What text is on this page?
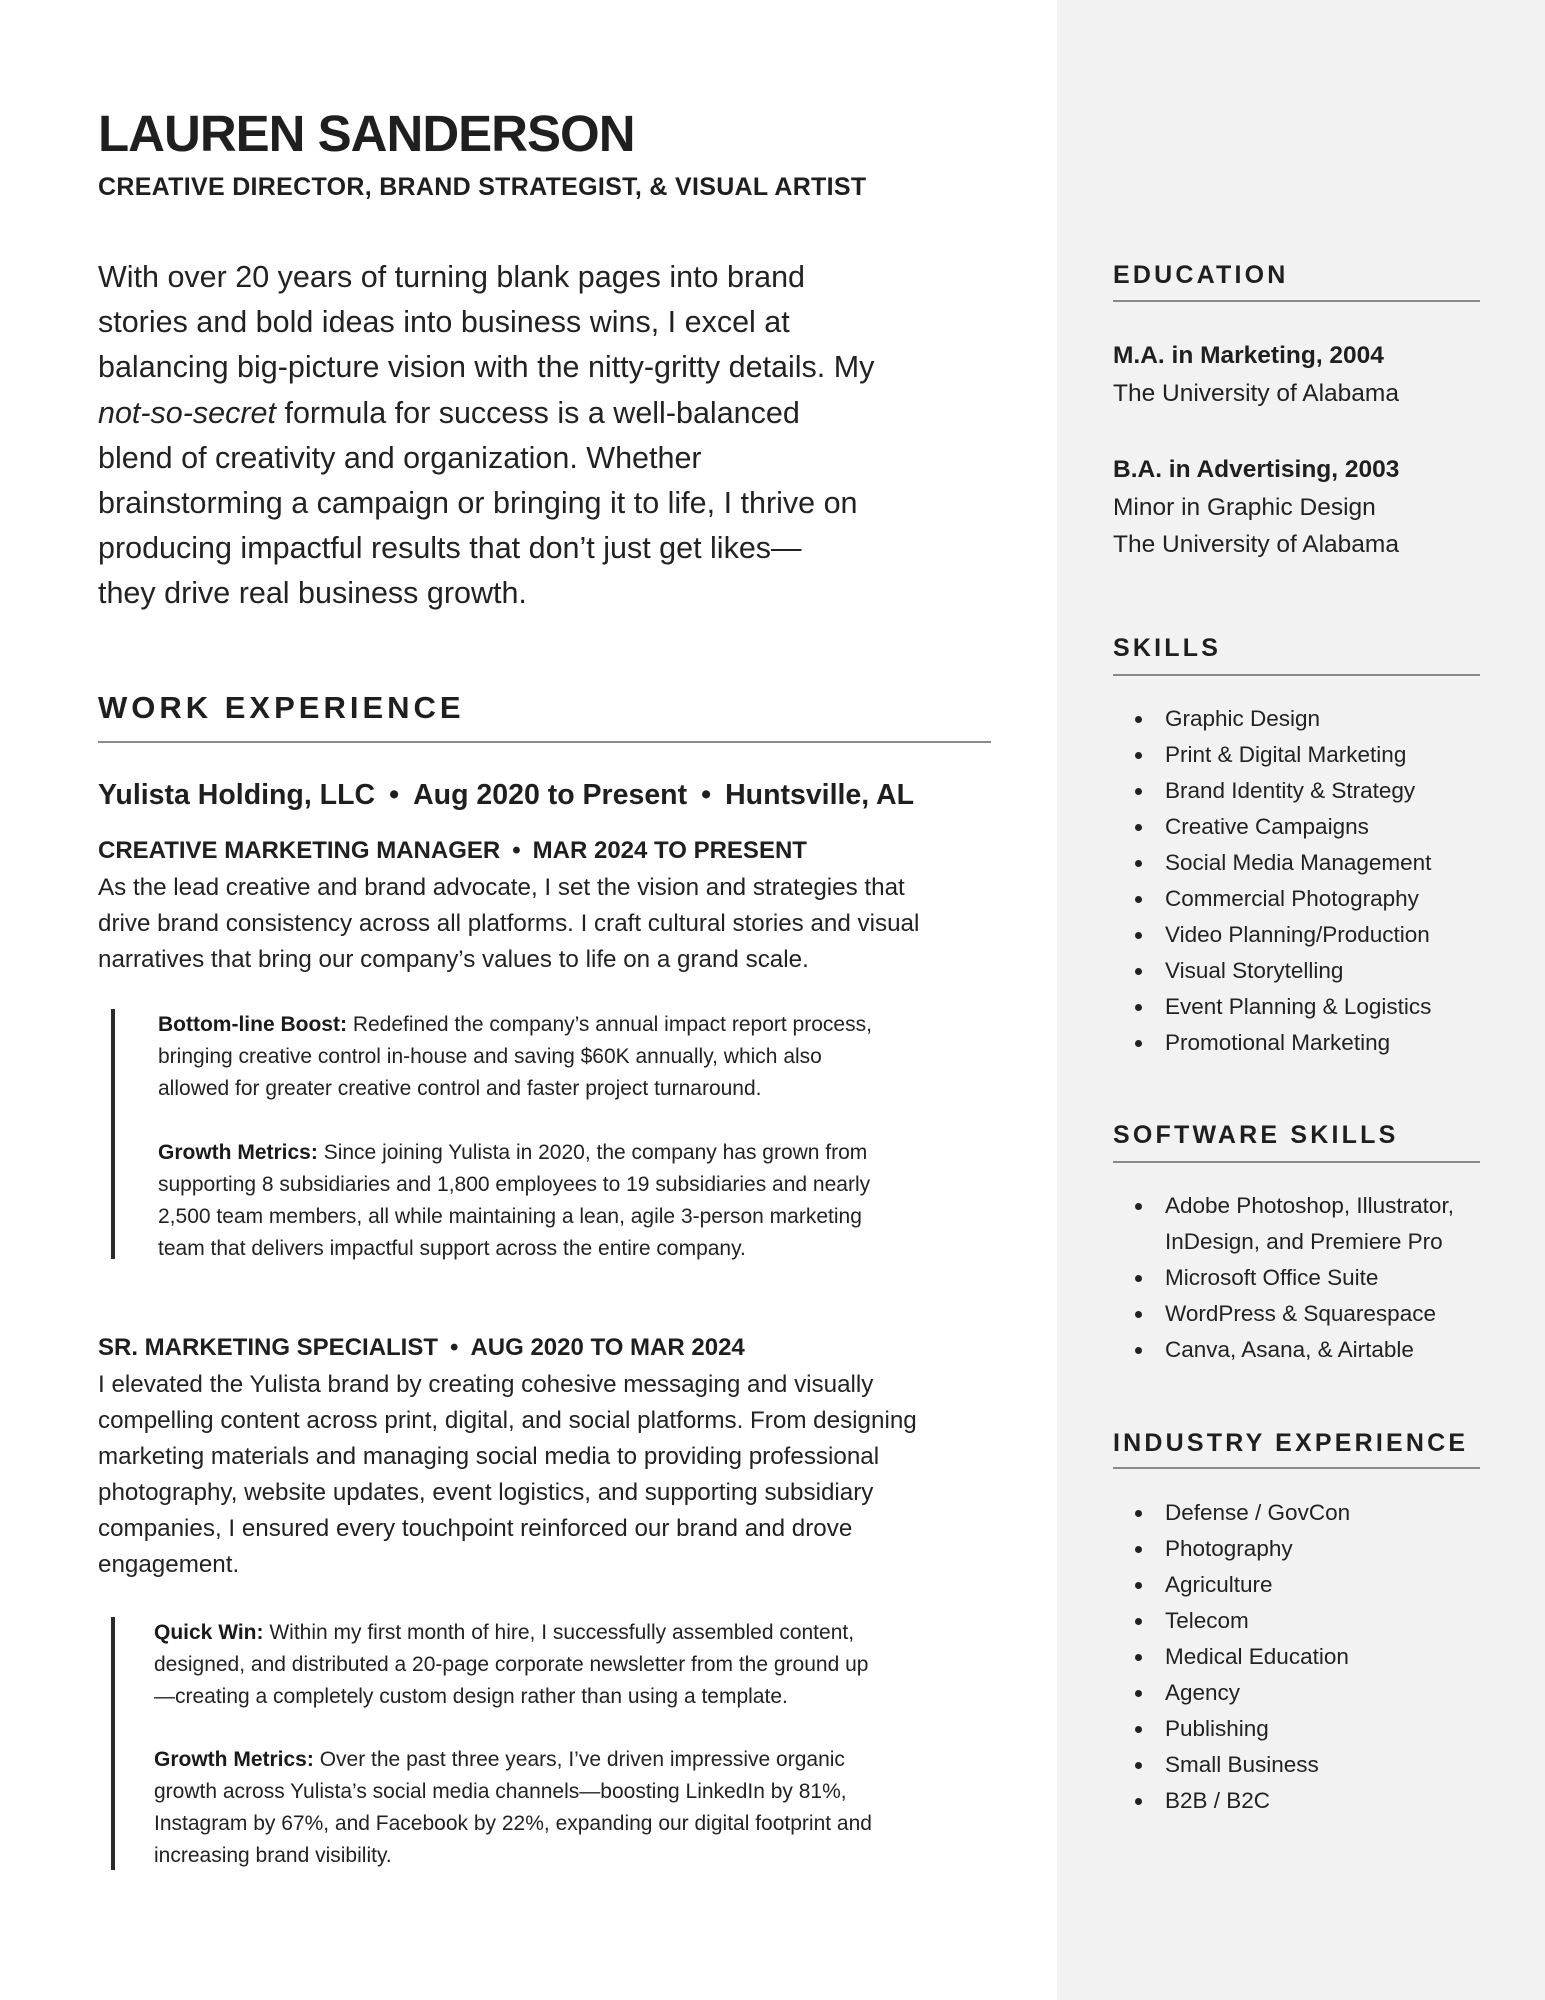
LAUREN SANDERSON
CREATIVE DIRECTOR, BRAND STRATEGIST, & VISUAL ARTIST

With over 20 years of turning blank pages into brand
stories and bold ideas into business wins, I excel at
balancing big-picture vision with the nitty-gritty details. My
not-so-secret formula for success is a well-balanced
blend of creativity and organization. Whether
brainstorming a campaign or bringing it to life, I thrive on
producing impactful results that don’t just get likes—
they drive real business growth.

WORK EXPERIENCE
Yulista Holding, LLC • Aug 2020 to Present • Huntsville, AL
CREATIVE MARKETING MANAGER • MAR 2024 TO PRESENT

As the lead creative and brand advocate, I set the vision and strategies that
drive brand consistency across all platforms. I craft cultural stories and visual
narratives that bring our company’s values to life on a grand scale.

Bottom-line Boost: Redefined the company’s annual impact report process,
bringing creative control in-house and saving $60K annually, which also
allowed for greater creative control and faster project turnaround.
Growth Metrics: Since joining Yulista in 2020, the company has grown from
supporting 8 subsidiaries and 1,800 employees to 19 subsidiaries and nearly
2,500 team members, all while maintaining a lean, agile 3-person marketing
team that delivers impactful support across the entire company.
SR. MARKETING SPECIALIST • AUG 2020 TO MAR 2024

I elevated the Yulista brand by creating cohesive messaging and visually
compelling content across print, digital, and social platforms. From designing
marketing materials and managing social media to providing professional
photography, website updates, event logistics, and supporting subsidiary
companies, I ensured every touchpoint reinforced our brand and drove
engagement.

Quick Win: Within my first month of hire, I successfully assembled content,
designed, and distributed a 20-page corporate newsletter from the ground up
—creating a completely custom design rather than using a template.
Growth Metrics: Over the past three years, I’ve driven impressive organic
growth across Yulista’s social media channels—boosting LinkedIn by 81%,
Instagram by 67%, and Facebook by 22%, expanding our digital footprint and
increasing brand visibility.
EDUCATION
M.A. in Marketing, 2004
The University of Alabama
B.A. in Advertising, 2003
Minor in Graphic Design
The University of Alabama
SKILLS
Graphic Design
Print & Digital Marketing
Brand Identity & Strategy
Creative Campaigns
Social Media Management
Commercial Photography
Video Planning/Production
Visual Storytelling
Event Planning & Logistics
Promotional Marketing
SOFTWARE SKILLS
Adobe Photoshop, Illustrator,
InDesign, and Premiere Pro
Microsoft Office Suite
WordPress & Squarespace
Canva, Asana, & Airtable
INDUSTRY EXPERIENCE
Defense / GovCon
Photography
Agriculture
Telecom
Medical Education
Agency
Publishing
Small Business
B2B / B2C
